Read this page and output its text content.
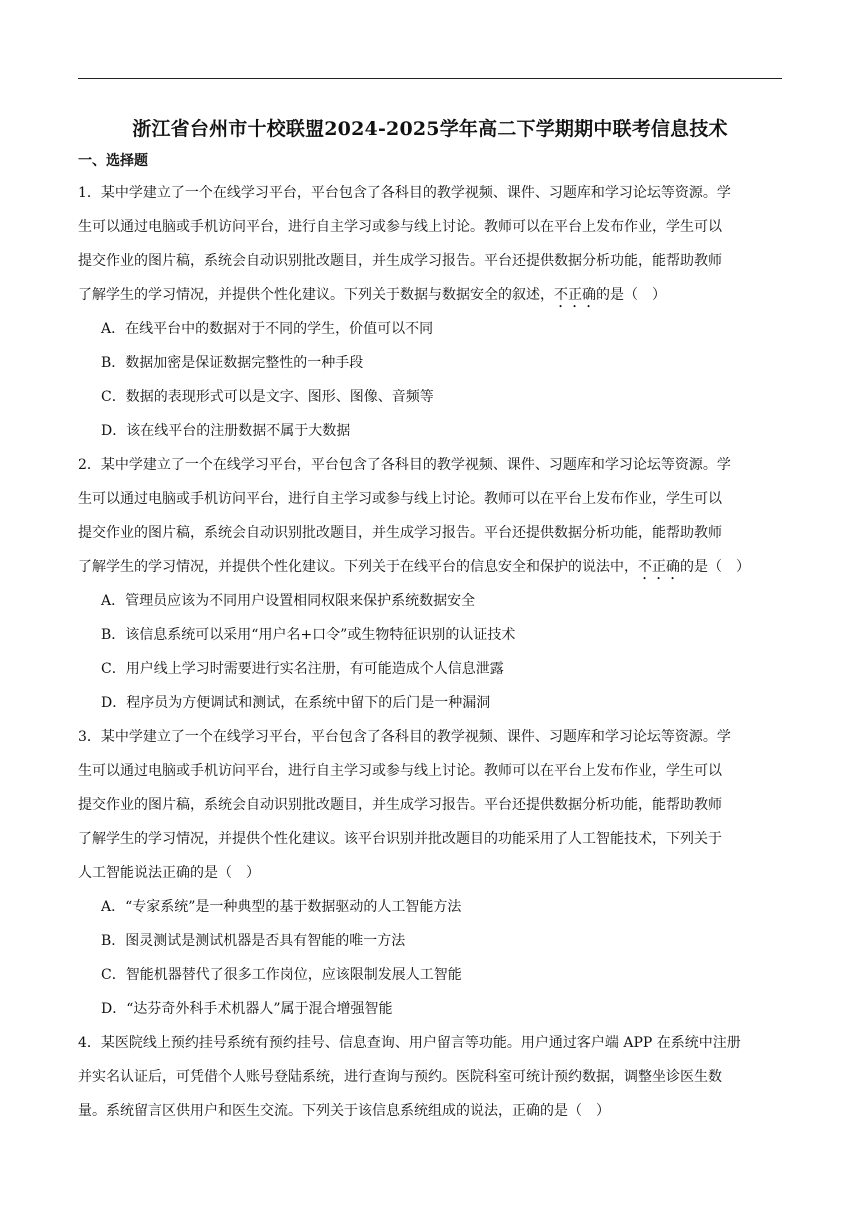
浙江省台州市十校联盟2024-2025学年高二下学期期中联考信息技术
一、选择题
1．某中学建立了一个在线学习平台，平台包含了各科目的教学视频、课件、习题库和学习论坛等资源。学
生可以通过电脑或手机访问平台，进行自主学习或参与线上讨论。教师可以在平台上发布作业，学生可以
提交作业的图片稿，系统会自动识别批改题目，并生成学习报告。平台还提供数据分析功能，能帮助教师
了解学生的学习情况，并提供个性化建议。下列关于数据与数据安全的叙述，不正确的是（　）
A．在线平台中的数据对于不同的学生，价值可以不同
B．数据加密是保证数据完整性的一种手段
C．数据的表现形式可以是文字、图形、图像、音频等
D．该在线平台的注册数据不属于大数据
2．某中学建立了一个在线学习平台，平台包含了各科目的教学视频、课件、习题库和学习论坛等资源。学
生可以通过电脑或手机访问平台，进行自主学习或参与线上讨论。教师可以在平台上发布作业，学生可以
提交作业的图片稿，系统会自动识别批改题目，并生成学习报告。平台还提供数据分析功能，能帮助教师
了解学生的学习情况，并提供个性化建议。下列关于在线平台的信息安全和保护的说法中，不正确的是（　）
A．管理员应该为不同用户设置相同权限来保护系统数据安全
B．该信息系统可以采用“用户名+口令”或生物特征识别的认证技术
C．用户线上学习时需要进行实名注册，有可能造成个人信息泄露
D．程序员为方便调试和测试，在系统中留下的后门是一种漏洞
3．某中学建立了一个在线学习平台，平台包含了各科目的教学视频、课件、习题库和学习论坛等资源。学
生可以通过电脑或手机访问平台，进行自主学习或参与线上讨论。教师可以在平台上发布作业，学生可以
提交作业的图片稿，系统会自动识别批改题目，并生成学习报告。平台还提供数据分析功能，能帮助教师
了解学生的学习情况，并提供个性化建议。该平台识别并批改题目的功能采用了人工智能技术，下列关于
人工智能说法正确的是（　）
A．“专家系统”是一种典型的基于数据驱动的人工智能方法
B．图灵测试是测试机器是否具有智能的唯一方法
C．智能机器替代了很多工作岗位，应该限制发展人工智能
D．“达芬奇外科手术机器人”属于混合增强智能
4．某医院线上预约挂号系统有预约挂号、信息查询、用户留言等功能。用户通过客户端 APP 在系统中注册
并实名认证后，可凭借个人账号登陆系统，进行查询与预约。医院科室可统计预约数据，调整坐诊医生数
量。系统留言区供用户和医生交流。下列关于该信息系统组成的说法，正确的是（　）
